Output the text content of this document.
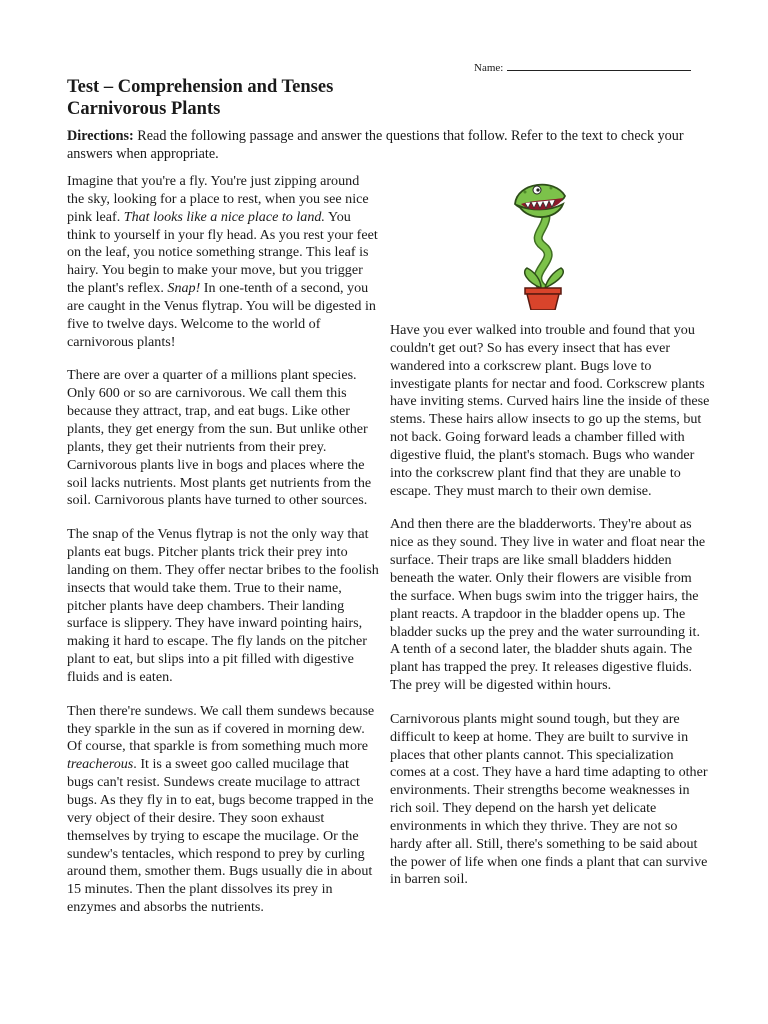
Name:
Test – Comprehension and Tenses
Carnivorous Plants

Directions: Read the following passage and answer the questions that follow. Refer to the text to check your answers when appropriate.

Imagine that you're a fly. You're just zipping around the sky, looking for a place to rest, when you see nice pink leaf. That looks like a nice place to land. You think to yourself in your fly head. As you rest your feet on the leaf, you notice something strange. This leaf is hairy. You begin to make your move, but you trigger the plant's reflex. Snap! In one-tenth of a second, you are caught in the Venus flytrap. You will be digested in five to twelve days. Welcome to the world of carnivorous plants!

There are over a quarter of a millions plant species. Only 600 or so are carnivorous. We call them this because they attract, trap, and eat bugs. Like other plants, they get energy from the sun. But unlike other plants, they get their nutrients from their prey. Carnivorous plants live in bogs and places where the soil lacks nutrients. Most plants get nutrients from the soil. Carnivorous plants have turned to other sources.

The snap of the Venus flytrap is not the only way that plants eat bugs. Pitcher plants trick their prey into landing on them. They offer nectar bribes to the foolish insects that would take them. True to their name, pitcher plants have deep chambers. Their landing surface is slippery. They have inward pointing hairs, making it hard to escape. The fly lands on the pitcher plant to eat, but slips into a pit filled with digestive fluids and is eaten.

Then there're sundews. We call them sundews because they sparkle in the sun as if covered in morning dew. Of course, that sparkle is from something much more treacherous. It is a sweet goo called mucilage that bugs can't resist. Sundews create mucilage to attract bugs. As they fly in to eat, bugs become trapped in the very object of their desire. They soon exhaust themselves by trying to escape the mucilage. Or the sundew's tentacles, which respond to prey by curling around them, smother them. Bugs usually die in about 15 minutes. Then the plant dissolves its prey in enzymes and absorbs the nutrients.

Have you ever walked into trouble and found that you couldn't get out? So has every insect that has ever wandered into a corkscrew plant. Bugs love to investigate plants for nectar and food. Corkscrew plants have inviting stems. Curved hairs line the inside of these stems. These hairs allow insects to go up the stems, but not back. Going forward leads a chamber filled with digestive fluid, the plant's stomach. Bugs who wander into the corkscrew plant find that they are unable to escape. They must march to their own demise.

And then there are the bladderworts. They're about as nice as they sound. They live in water and float near the surface. Their traps are like small bladders hidden beneath the water. Only their flowers are visible from the surface. When bugs swim into the trigger hairs, the plant reacts. A trapdoor in the bladder opens up. The bladder sucks up the prey and the water surrounding it. A tenth of a second later, the bladder shuts again. The plant has trapped the prey. It releases digestive fluids. The prey will be digested within hours.

Carnivorous plants might sound tough, but they are difficult to keep at home. They are built to survive in places that other plants cannot. This specialization comes at a cost. They have a hard time adapting to other environments. Their strengths become weaknesses in rich soil. They depend on the harsh yet delicate environments in which they thrive. They are not so hardy after all. Still, there's something to be said about the power of life when one finds a plant that can survive in barren soil.
